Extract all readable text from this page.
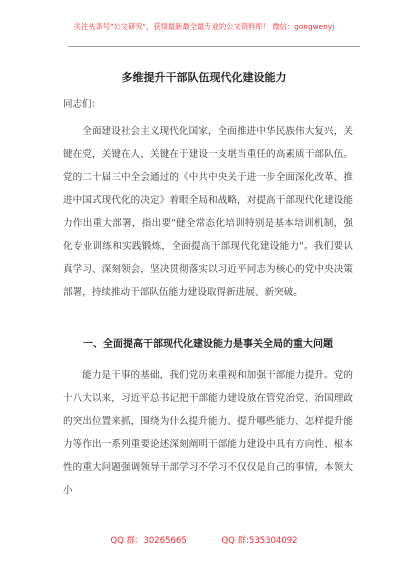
关注头条号"公文研究"，获得最新最全最专业的公文资料库！ 微信：gongwenyj
多维提升干部队伍现代化建设能力
同志们：

全面建设社会主义现代化国家，全面推进中华民族伟大复兴，关键在党，关键在人，关键在于建设一支堪当重任的高素质干部队伍。党的二十届三中全会通过的《中共中央关于进一步全面深化改革、推进中国式现代化的决定》着眼全局和战略，对提高干部现代化建设能力作出重大部署，指出要"健全常态化培训特别是基本培训机制，强化专业训练和实践锻炼，全面提高干部现代化建设能力"。我们要认真学习、深刻领会，坚决贯彻落实以习近平同志为核心的党中央决策部署，持续推动干部队伍能力建设取得新进展、新突破。

一、全面提高干部现代化建设能力是事关全局的重大问题

能力是干事的基础，我们党历来重视和加强干部能力提升。党的十八大以来，习近平总书记把干部能力建设放在管党治党、治国理政的突出位置来抓，围绕为什么提升能力、提升哪些能力、怎样提升能力等作出一系列重要论述深刻阐明干部能力建设中具有方向性、根本性的重大问题强调领导干部学习不学习不仅仅是自己的事情，本领大小

QQ 群：30265665	QQ 群:535304092
